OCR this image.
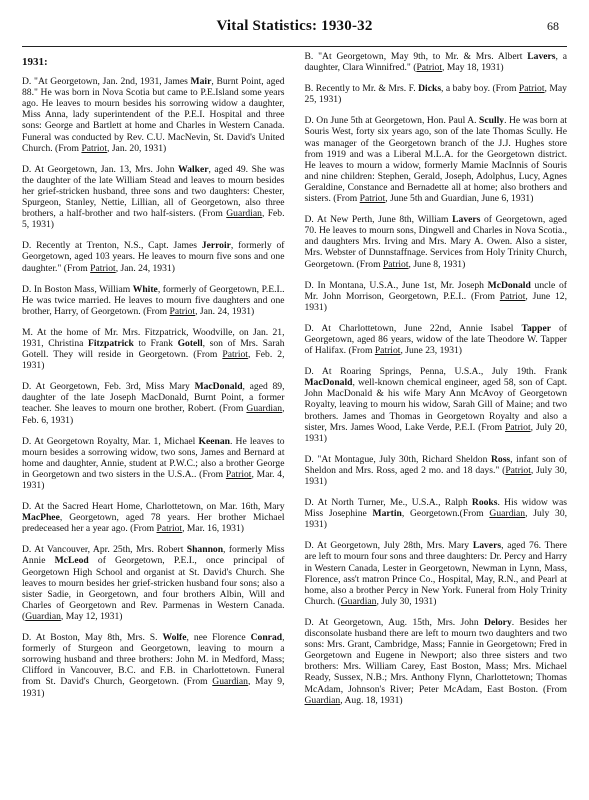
Vital Statistics: 1930-32	68
1931:

D. "At Georgetown, Jan. 2nd, 1931, James Mair, Burnt Point, aged 88." He was born in Nova Scotia but came to P.E.Island some years ago. He leaves to mourn besides his sorrowing widow a daughter, Miss Anna, lady superintendent of the P.E.I. Hospital and three sons: George and Bartlett at home and Charles in Western Canada. Funeral was conducted by Rev. C.U. MacNevin, St. David's United Church. (From Patriot, Jan. 20, 1931)

D. At Georgetown, Jan. 13, Mrs. John Walker, aged 49. She was the daughter of the late William Stead and leaves to mourn besides her grief-stricken husband, three sons and two daughters: Chester, Spurgeon, Stanley, Nettie, Lillian, all of Georgetown, also three brothers, a half-brother and two half-sisters. (From Guardian, Feb. 5, 1931)

D. Recently at Trenton, N.S., Capt. James Jerroir, formerly of Georgetown, aged 103 years. He leaves to mourn five sons and one daughter." (From Patriot, Jan. 24, 1931)

D. In Boston Mass, William White, formerly of Georgetown, P.E.I.. He was twice married. He leaves to mourn five daughters and one brother, Harry, of Georgetown. (From Patriot, Jan. 24, 1931)

M. At the home of Mr. Mrs. Fitzpatrick, Woodville, on Jan. 21, 1931, Christina Fitzpatrick to Frank Gotell, son of Mrs. Sarah Gotell. They will reside in Georgetown. (From Patriot, Feb. 2, 1931)

D. At Georgetown, Feb. 3rd, Miss Mary MacDonald, aged 89, daughter of the late Joseph MacDonald, Burnt Point, a former teacher. She leaves to mourn one brother, Robert. (From Guardian, Feb. 6, 1931)

D. At Georgetown Royalty, Mar. 1, Michael Keenan. He leaves to mourn besides a sorrowing widow, two sons, James and Bernard at home and daughter, Annie, student at P.W.C.; also a brother George in Georgetown and two sisters in the U.S.A.. (From Patriot, Mar. 4, 1931)

D. At the Sacred Heart Home, Charlottetown, on Mar. 16th, Mary MacPhee, Georgetown, aged 78 years. Her brother Michael predeceased her a year ago. (From Patriot, Mar. 16, 1931)

D. At Vancouver, Apr. 25th, Mrs. Robert Shannon, formerly Miss Annie McLeod of Georgetown, P.E.I., once principal of Georgetown High School and organist at St. David's Church. She leaves to mourn besides her grief-stricken husband four sons; also a sister Sadie, in Georgetown, and four brothers Albin, Will and Charles of Georgetown and Rev. Parmenas in Western Canada. (Guardian, May 12, 1931)

D. At Boston, May 8th, Mrs. S. Wolfe, nee Florence Conrad, formerly of Sturgeon and Georgetown, leaving to mourn a sorrowing husband and three brothers: John M. in Medford, Mass; Clifford in Vancouver, B.C. and F.B. in Charlottetown. Funeral from St. David's Church, Georgetown. (From Guardian, May 9, 1931)

B. "At Georgetown, May 9th, to Mr. & Mrs. Albert Lavers, a daughter, Clara Winnifred." (Patriot, May 18, 1931)

B. Recently to Mr. & Mrs. F. Dicks, a baby boy. (From Patriot, May 25, 1931)

D. On June 5th at Georgetown, Hon. Paul A. Scully. He was born at Souris West, forty six years ago, son of the late Thomas Scully. He was manager of the Georgetown branch of the J.J. Hughes store from 1919 and was a Liberal M.L.A. for the Georgetown district. He leaves to mourn a widow, formerly Mamie MacInnis of Souris and nine children: Stephen, Gerald, Joseph, Adolphus, Lucy, Agnes Geraldine, Constance and Bernadette all at home; also brothers and sisters. (From Patriot, June 5th and Guardian, June 6, 1931)

D. At New Perth, June 8th, William Lavers of Georgetown, aged 70. He leaves to mourn sons, Dingwell and Charles in Nova Scotia., and daughters Mrs. Irving and Mrs. Mary A. Owen. Also a sister, Mrs. Webster of Dunnstaffnage. Services from Holy Trinity Church, Georgetown. (From Patriot, June 8, 1931)

D. In Montana, U.S.A., June 1st, Mr. Joseph McDonald uncle of Mr. John Morrison, Georgetown, P.E.I.. (From Patriot, June 12, 1931)

D. At Charlottetown, June 22nd, Annie Isabel Tapper of Georgetown, aged 86 years, widow of the late Theodore W. Tapper of Halifax. (From Patriot, June 23, 1931)

D. At Roaring Springs, Penna, U.S.A., July 19th. Frank MacDonald, well-known chemical engineer, aged 58, son of Capt. John MacDonald & his wife Mary Ann McAvoy of Georgetown Royalty, leaving to mourn his widow, Sarah Gill of Maine; and two brothers. James and Thomas in Georgetown Royalty and also a sister, Mrs. James Wood, Lake Verde, P.E.I. (From Patriot, July 20, 1931)

D. "At Montague, July 30th, Richard Sheldon Ross, infant son of Sheldon and Mrs. Ross, aged 2 mo. and 18 days." (Patriot, July 30, 1931)

D. At North Turner, Me., U.S.A., Ralph Rooks. His widow was Miss Josephine Martin, Georgetown.(From Guardian, July 30, 1931)

D. At Georgetown, July 28th, Mrs. Mary Lavers, aged 76. There are left to mourn four sons and three daughters: Dr. Percy and Harry in Western Canada, Lester in Georgetown, Newman in Lynn, Mass, Florence, ass't matron Prince Co., Hospital, May, R.N., and Pearl at home, also a brother Percy in New York. Funeral from Holy Trinity Church. (Guardian, July 30, 1931)

D. At Georgetown, Aug. 15th, Mrs. John Delory. Besides her disconsolate husband there are left to mourn two daughters and two sons: Mrs. Grant, Cambridge, Mass; Fannie in Georgetown; Fred in Georgetown and Eugene in Newport; also three sisters and two brothers: Mrs. William Carey, East Boston, Mass; Mrs. Michael Ready, Sussex, N.B.; Mrs. Anthony Flynn, Charlottetown; Thomas McAdam, Johnson's River; Peter McAdam, East Boston. (From Guardian, Aug. 18, 1931)
